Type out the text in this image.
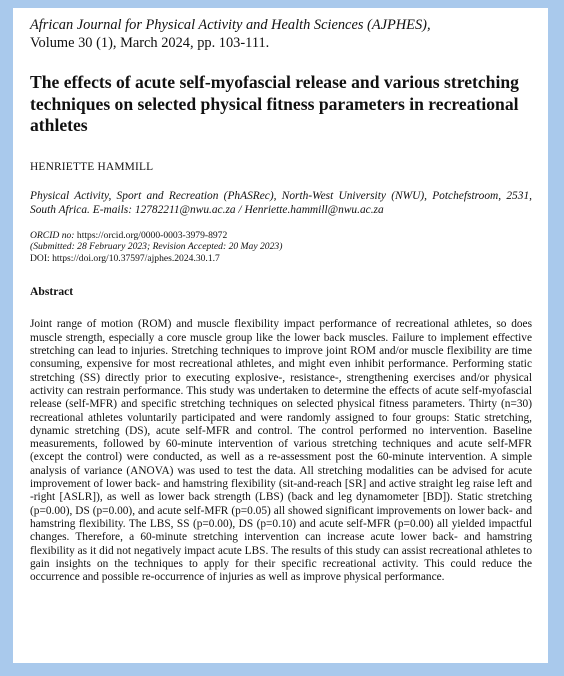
African Journal for Physical Activity and Health Sciences (AJPHES),

Volume 30 (1), March 2024, pp. 103-111.

The effects of acute self-myofascial release and various stretching techniques on selected physical fitness parameters in recreational athletes

HENRIETTE HAMMILL

Physical Activity, Sport and Recreation (PhASRec), North-West University (NWU), Potchefstroom, 2531, South Africa. E-mails: 12782211@nwu.ac.za / Henriette.hammill@nwu.ac.za

ORCID no: https://orcid.org/0000-0003-3979-8972
(Submitted: 28 February 2023; Revision Accepted: 20 May 2023)
DOI: https://doi.org/10.37597/ajphes.2024.30.1.7
Abstract

Joint range of motion (ROM) and muscle flexibility impact performance of recreational athletes, so does muscle strength, especially a core muscle group like the lower back muscles. Failure to implement effective stretching can lead to injuries. Stretching techniques to improve joint ROM and/or muscle flexibility are time consuming, expensive for most recreational athletes, and might even inhibit performance. Performing static stretching (SS) directly prior to executing explosive-, resistance-, strengthening exercises and/or physical activity can restrain performance. This study was undertaken to determine the effects of acute self-myofascial release (self-MFR) and specific stretching techniques on selected physical fitness parameters. Thirty (n=30) recreational athletes voluntarily participated and were randomly assigned to four groups: Static stretching, dynamic stretching (DS), acute self-MFR and control. The control performed no intervention. Baseline measurements, followed by 60-minute intervention of various stretching techniques and acute self-MFR (except the control) were conducted, as well as a re-assessment post the 60-minute intervention. A simple analysis of variance (ANOVA) was used to test the data. All stretching modalities can be advised for acute improvement of lower back- and hamstring flexibility (sit-and-reach [SR] and active straight leg raise left and -right [ASLR]), as well as lower back strength (LBS) (back and leg dynamometer [BD]). Static stretching (p=0.00), DS (p=0.00), and acute self-MFR (p=0.05) all showed significant improvements on lower back- and hamstring flexibility. The LBS, SS (p=0.00), DS (p=0.10) and acute self-MFR (p=0.00) all yielded impactful changes. Therefore, a 60-minute stretching intervention can increase acute lower back- and hamstring flexibility as it did not negatively impact acute LBS. The results of this study can assist recreational athletes to gain insights on the techniques to apply for their specific recreational activity. This could reduce the occurrence and possible re-occurrence of injuries as well as improve physical performance.
